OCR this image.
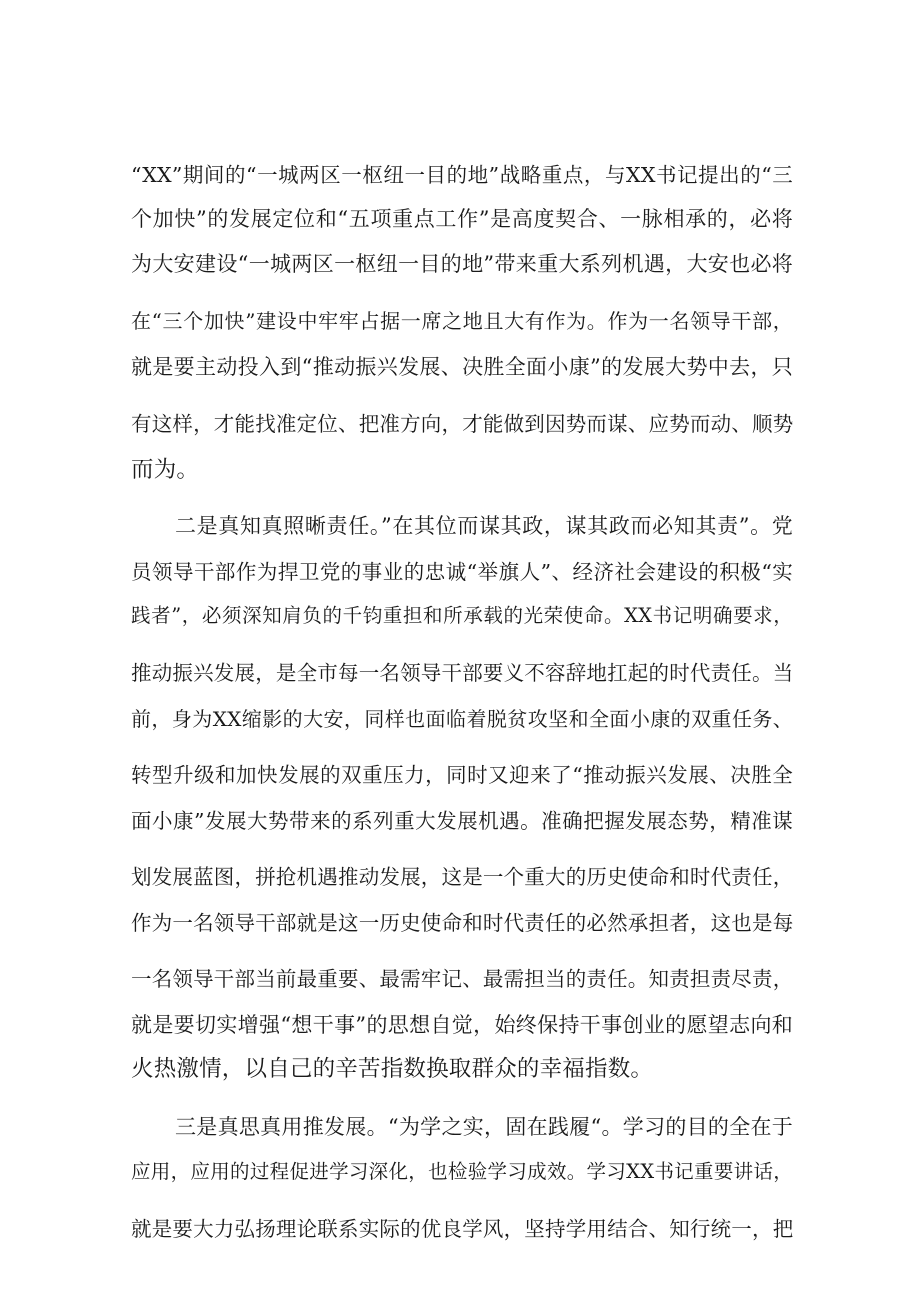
“XX”期间的“一城两区一枢纽一目的地”战略重点，与XX书记提出的“三
个加快”的发展定位和“五项重点工作”是高度契合、一脉相承的，必将
为大安建设“一城两区一枢纽一目的地”带来重大系列机遇，大安也必将
在“三个加快”建设中牢牢占据一席之地且大有作为。作为一名领导干部，
就是要主动投入到“推动振兴发展、决胜全面小康”的发展大势中去，只
有这样，才能找准定位、把准方向，才能做到因势而谋、应势而动、顺势
而为。
二是真知真照晰责任。”在其位而谋其政，谋其政而必知其责”。党
员领导干部作为捍卫党的事业的忠诚“举旗人”、经济社会建设的积极“实
践者”，必须深知肩负的千钧重担和所承载的光荣使命。XX书记明确要求，
推动振兴发展，是全市每一名领导干部要义不容辞地扛起的时代责任。当
前，身为XX缩影的大安，同样也面临着脱贫攻坚和全面小康的双重任务、
转型升级和加快发展的双重压力，同时又迎来了“推动振兴发展、决胜全
面小康”发展大势带来的系列重大发展机遇。准确把握发展态势，精准谋
划发展蓝图，拼抢机遇推动发展，这是一个重大的历史使命和时代责任，
作为一名领导干部就是这一历史使命和时代责任的必然承担者，这也是每
一名领导干部当前最重要、最需牢记、最需担当的责任。知责担责尽责，
就是要切实增强“想干事”的思想自觉，始终保持干事创业的愿望志向和
火热激情，以自己的辛苦指数换取群众的幸福指数。
三是真思真用推发展。“为学之实，固在践履“。学习的目的全在于
应用，应用的过程促进学习深化，也检验学习成效。学习XX书记重要讲话，
就是要大力弘扬理论联系实际的优良学风，坚持学用结合、知行统一，把
